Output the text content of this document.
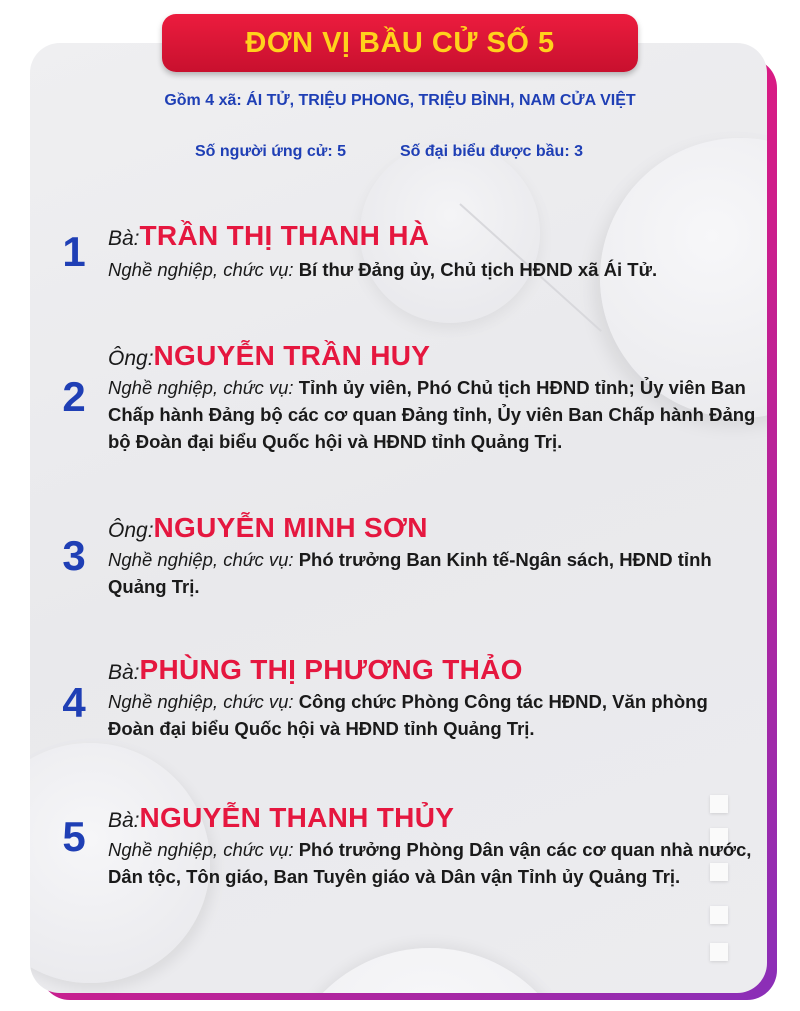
ĐƠN VỊ BẦU CỬ SỐ 5
Gồm 4 xã: ÁI TỬ, TRIỆU PHONG, TRIỆU BÌNH, NAM CỬA VIỆT
Số người ứng cử: 5	Số đại biểu được bầu: 3
1	Bà:TRẦN THỊ THANH HÀ
Nghề nghiệp, chức vụ: Bí thư Đảng ủy, Chủ tịch HĐND xã Ái Tử.
2
Ông:NGUYỄN TRẦN HUY
Nghề nghiệp, chức vụ: Tỉnh ủy viên, Phó Chủ tịch HĐND tỉnh; Ủy viên Ban Chấp hành Đảng bộ các cơ quan Đảng tỉnh, Ủy viên Ban Chấp hành Đảng bộ Đoàn đại biểu Quốc hội và HĐND tỉnh Quảng Trị.
3
Ông:NGUYỄN MINH SƠN
Nghề nghiệp, chức vụ: Phó trưởng Ban Kinh tế-Ngân sách, HĐND tỉnh Quảng Trị.
4
Bà:PHÙNG THỊ PHƯƠNG THẢO
Nghề nghiệp, chức vụ: Công chức Phòng Công tác HĐND, Văn phòng Đoàn đại biểu Quốc hội và HĐND tỉnh Quảng Trị.
5	Bà:NGUYỄN THANH THỦY
Nghề nghiệp, chức vụ: Phó trưởng Phòng Dân vận các cơ quan nhà nước, Dân tộc, Tôn giáo, Ban Tuyên giáo và Dân vận Tỉnh ủy Quảng Trị.
